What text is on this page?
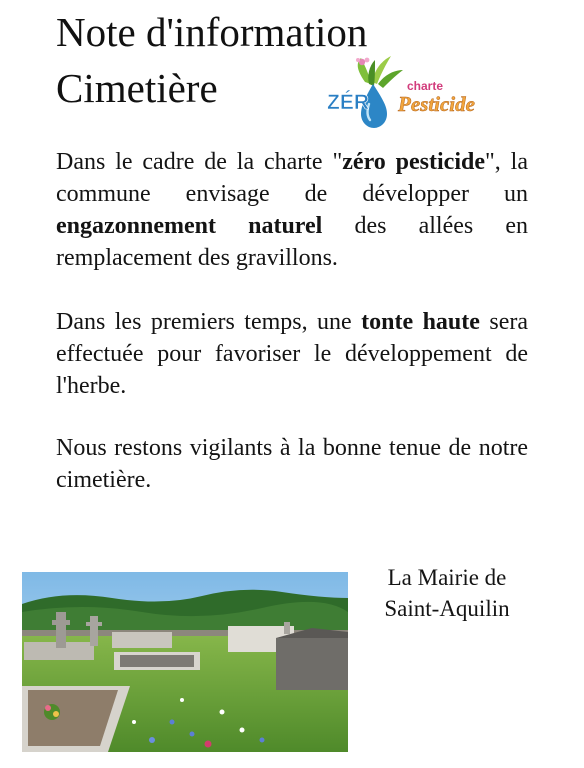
Note d'information
Cimetière	ZÉR
charte
Pesticide

Dans le cadre de la charte "zéro pesticide", la commune envisage de développer un engazonnement naturel des allées en remplacement des gravillons.

Dans les premiers temps, une tonte haute sera effectuée pour favoriser le développement de l'herbe.

Nous restons vigilants à la bonne tenue de notre cimetière.

La Mairie de
Saint-Aquilin
